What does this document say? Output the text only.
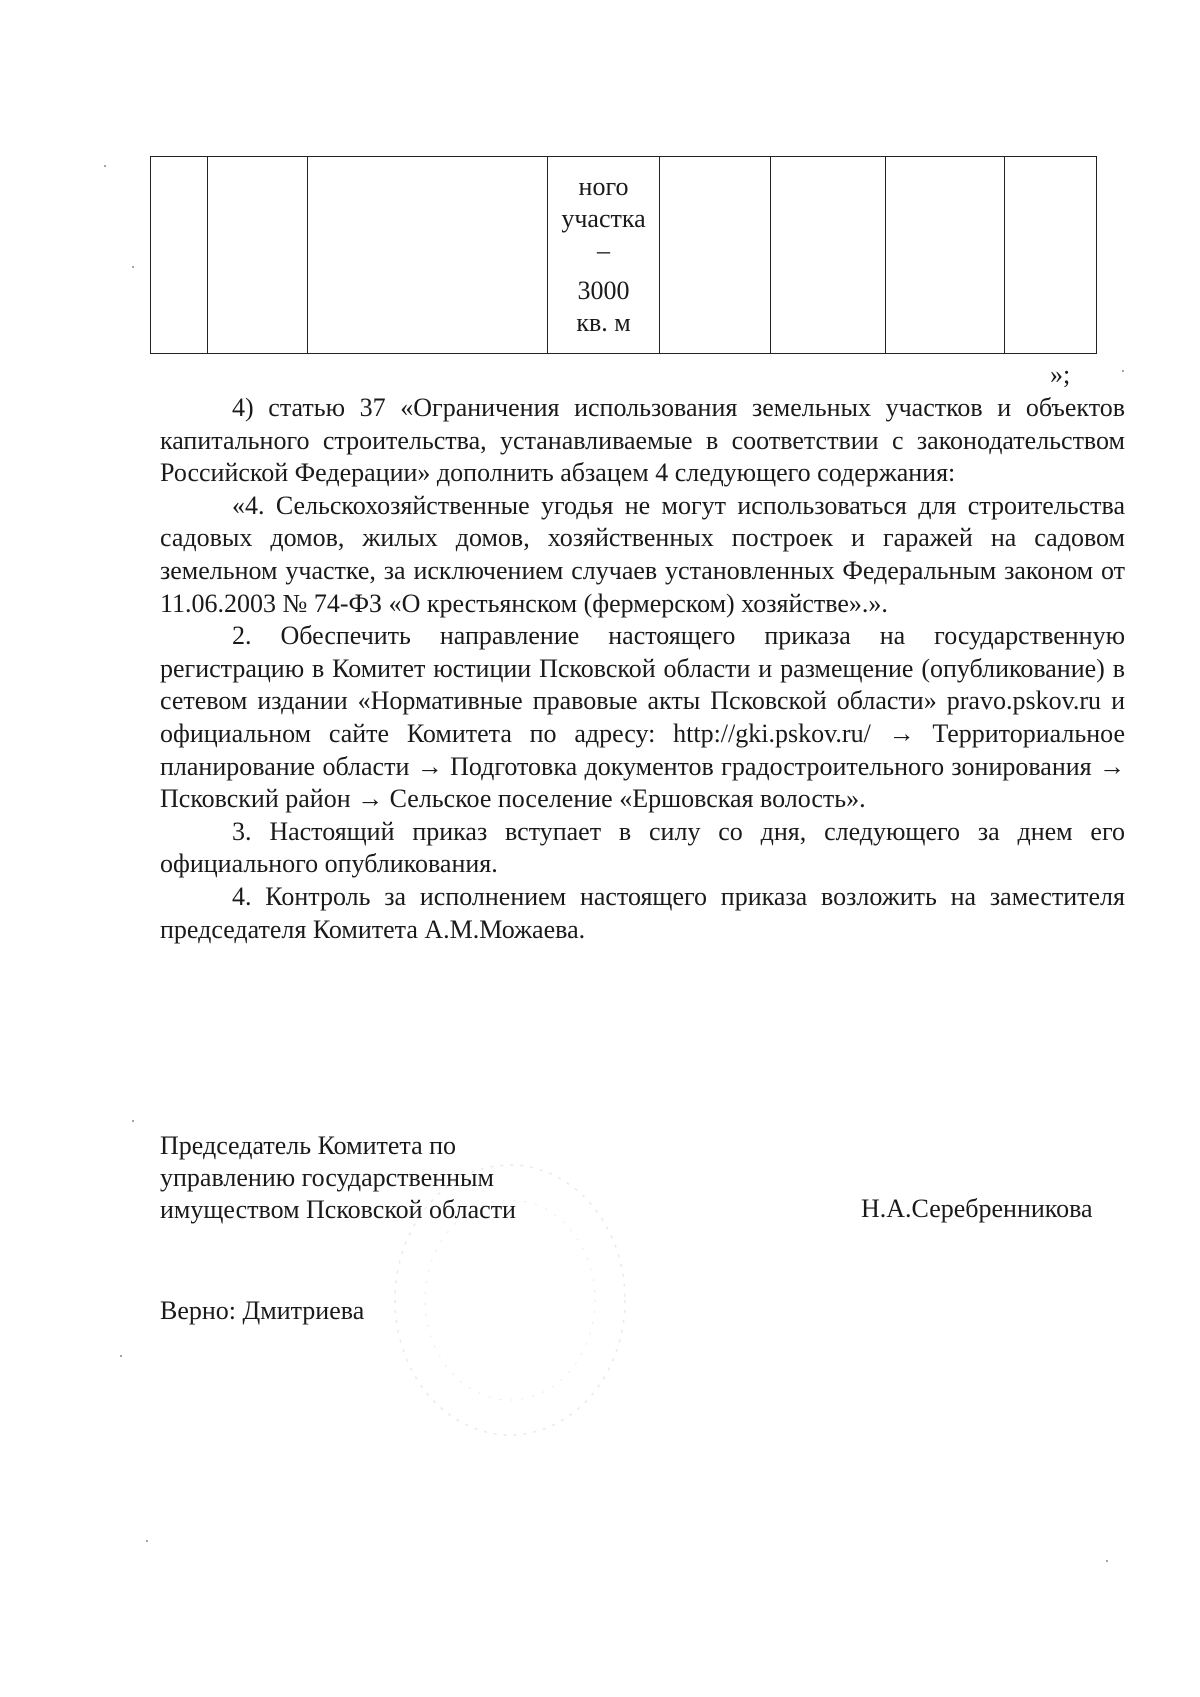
ного
участка
–
3000
кв. м

»;

4) статью 37 «Ограничения использования земельных участков и объектов капитального строительства, устанавливаемые в соответствии с законодательством Российской Федерации» дополнить абзацем 4 следующего содержания:

«4. Сельскохозяйственные угодья не могут использоваться для строительства садовых домов, жилых домов, хозяйственных построек и гаражей на садовом земельном участке, за исключением случаев установленных Федеральным законом от 11.06.2003 № 74-ФЗ «О крестьянском (фермерском) хозяйстве».».

2. Обеспечить направление настоящего приказа на государственную регистрацию в Комитет юстиции Псковской области и размещение (опубликование) в сетевом издании «Нормативные правовые акты Псковской области» pravo.pskov.ru и официальном сайте Комитета по адресу: http://gki.pskov.ru/ → Территориальное планирование области → Подготовка документов градостроительного зонирования → Псковский район → Сельское поселение «Ершовская волость».

3. Настоящий приказ вступает в силу со дня, следующего за днем его официального опубликования.

4. Контроль за исполнением настоящего приказа возложить на заместителя председателя Комитета А.М.Можаева.

Председатель Комитета по
управлению государственным
имуществом Псковской области	Н.А.Серебренникова
Верно: Дмитриева
